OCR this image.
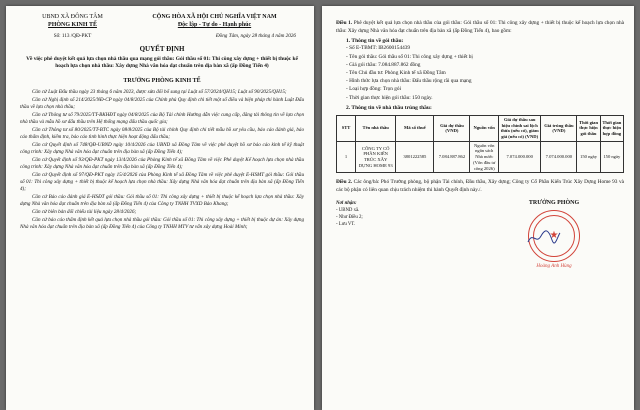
UBND XÃ ĐÔNG TÂM
PHÒNG KINH TẾ
CỘNG HÒA XÃ HỘI CHỦ NGHĨA VIỆT NAM
Độc lập - Tự do - Hạnh phúc
Số: 113 /QĐ-PKT	Đồng Tâm, ngày 28 tháng 4 năm 2026
QUYẾT ĐỊNH
Về việc phê duyệt kết quả lựa chọn nhà thầu qua mạng gói thầu: Gói thầu số 01: Thi công xây dựng + thiết bị thuộc kế hoạch lựa chọn nhà thầu: Xây dựng Nhà văn hóa đạt chuẩn trên địa bàn xã (ấp Đồng Tiến 4)
TRƯỞNG PHÒNG KINH TẾ

Căn cứ Luật Đấu thầu ngày 23 tháng 6 năm 2023, được sửa đổi bổ sung tại Luật số 57/2024/QH15; Luật số 90/2025/QH15;

Căn cứ Nghị định số 214/2025/NĐ-CP ngày 04/8/2025 của Chính phủ Quy định chi tiết một số điều và biện pháp thi hành Luật Đấu thầu về lựa chọn nhà thầu;

Căn cứ Thông tư số 79/2025/TT-BKHĐT ngày 04/8/2025 của Bộ Tài chính Hướng dẫn việc cung cấp, đăng tải thông tin về lựa chọn nhà thầu và mẫu hồ sơ đấu thầu trên Hệ thống mạng đấu thầu quốc gia;

Căn cứ Thông tư số 80/2025/TT-BTC ngày 08/8/2025 của Bộ tài chính Quy định chi tiết mẫu hồ sơ yêu cầu, báo cáo đánh giá, báo cáo thẩm định, kiểm tra, báo cáo tình hình thực hiện hoạt động đấu thầu;

Căn cứ Quyết định số 748/QĐ-UBND ngày 10/4/2026 của UBND xã Đồng Tâm về việc phê duyệt hồ sơ báo cáo kinh tế kỹ thuật công trình: Xây dựng Nhà văn hóa đạt chuẩn trên địa bàn xã (ấp Đồng Tiến 4);

Căn cứ Quyết định số 93/QĐ-PKT ngày 13/4/2026 của Phòng Kinh tế xã Đồng Tâm về việc Phê duyệt Kế hoạch lựa chọn nhà thầu công trình: Xây dựng Nhà văn hóa đạt chuẩn trên địa bàn xã (ấp Đồng Tiến 4);

Căn cứ Quyết định số 97/QĐ-PKT ngày 15/4/2026 của Phòng Kinh tế xã Đồng Tâm về việc phê duyệt E-HSMT gói thầu: Gói thầu số 01: Thi công xây dựng + thiết bị thuộc kế hoạch lựa chọn nhà thầu: Xây dựng Nhà văn hóa đạt chuẩn trên địa bàn xã (ấp Đồng Tiến 4);

Căn cứ Báo cáo đánh giá E-HSĐT gói thầu: Gói thầu số 01: Thi công xây dựng + thiết bị thuộc kế hoạch lựa chọn nhà thầu: Xây dựng Nhà văn hóa đạt chuẩn trên địa bàn xã (ấp Đồng Tiến 4) của Công ty TNHH TVXD Bảo Khang;

Căn cứ biên bản đối chiếu tài liệu ngày 28/4/2026;

Căn cứ báo cáo thẩm định kết quả lựa chọn nhà thầu gói thầu: Gói thầu số 01: Thi công xây dựng + thiết bị thuộc dự án: Xây dựng Nhà văn hóa đạt chuẩn trên địa bàn xã (ấp Đồng Tiến 4) của Công ty TNHH MTV tư vấn xây dựng Hoài Minh;

Điều 1. Phê duyệt kết quả lựa chọn nhà thầu của gói thầu: Gói thầu số 01: Thi công xây dựng + thiết bị thuộc kế hoạch lựa chọn nhà thầu: Xây dựng Nhà văn hóa đạt chuẩn trên địa bàn xã (ấp Đồng Tiến 4), bao gồm:

1. Thông tin về gói thầu:
- Số E-TBMT: IB2600154439
- Tên gói thầu: Gói thầu số 01: Thi công xây dựng + thiết bị
- Giá gói thầu: 7.084.887.862 đồng
- Tên Chủ đầu tư: Phòng Kinh tế xã Đồng Tâm
- Hình thức lựa chọn nhà thầu: Đấu thầu rộng rãi qua mạng
- Loại hợp đồng: Trọn gói
- Thời gian thực hiện gói thầu: 150 ngày.
2. Thông tin về nhà thầu trúng thầu:
STT	Tên nhà thầu	Mã số thuế	Giá dự thầu (VND)	Nguồn vốn	Giá dự thầu sau hiệu chỉnh sai lệch thừa (nếu có), giảm giá (nếu có) (VND)	Giá trúng thầu (VND)	Thời gian thực hiện gói thầu	Thời gian thực hiện hợp đồng
1	CÔNG TY CỔ PHẦN KIẾN TRÚC XÂY DỰNG HOME 93	3801222585	7.084.887.862	Nguồn vốn ngân sách Nhà nước (Vốn đầu tư công 2026)	7.074.000.000	7.074.000.000	150 ngày	150 ngày

Điều 2. Các ông/bà: Phó Trưởng phòng, bộ phận Tài chính, Đầu thầu, Xây dựng; Công ty Cổ Phần Kiến Trúc Xây Dựng Home 93 và các bộ phận có liên quan chịu trách nhiệm thi hành Quyết định này./.

Nơi nhận:
- UBND xã.
- Như Điều 2;
- Lưu VT.
TRƯỞNG PHÒNG
★
Hoàng Anh Hùng
